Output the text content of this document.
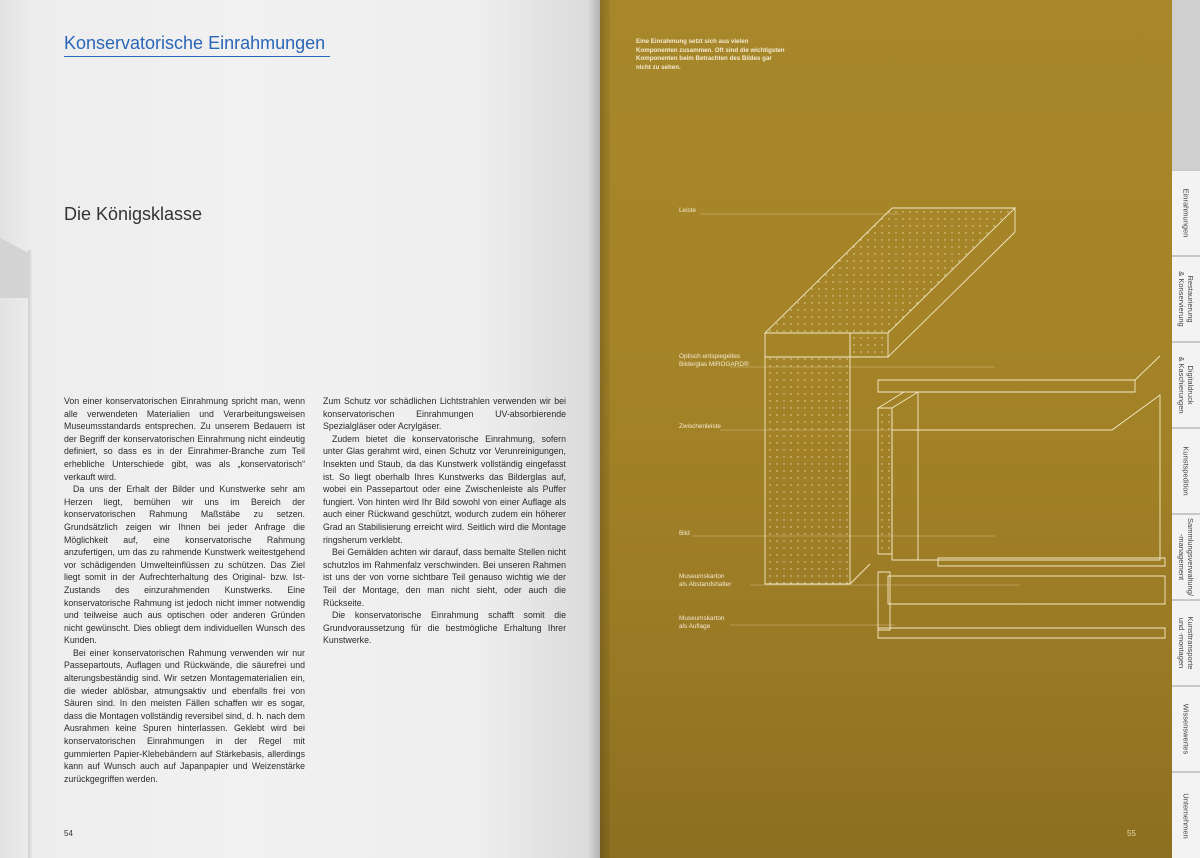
Konservatorische Einrahmungen
Die Königsklasse

Von einer konservatorischen Einrahmung spricht man, wenn alle verwendeten Materialien und Verarbeitungsweisen Museumsstandards entsprechen. Zu unserem Bedauern ist der Begriff der konservatorischen Einrahmung nicht eindeutig definiert, so dass es in der Einrahmer-Branche zum Teil erhebliche Unterschiede gibt, was als „konservatorisch“ verkauft wird.

Da uns der Erhalt der Bilder und Kunstwerke sehr am Herzen liegt, bemühen wir uns im Bereich der konservatorischen Rahmung Maßstäbe zu setzen. Grundsätzlich zeigen wir Ihnen bei jeder Anfrage die Möglichkeit auf, eine konservatorische Rahmung anzufertigen, um das zu rahmende Kunstwerk weitestgehend vor schädigenden Umwelteinflüssen zu schützen. Das Ziel liegt somit in der Aufrechterhaltung des Original- bzw. Ist-Zustands des einzurahmenden Kunstwerks. Eine konservatorische Rahmung ist jedoch nicht immer notwendig und teilweise auch aus optischen oder anderen Gründen nicht gewünscht. Dies obliegt dem individuellen Wunsch des Kunden.

Bei einer konservatorischen Rahmung verwenden wir nur Passepartouts, Auflagen und Rückwände, die säurefrei und alterungsbeständig sind. Wir setzen Montagematerialien ein, die wieder ablösbar, atmungsaktiv und ebenfalls frei von Säuren sind. In den meisten Fällen schaffen wir es sogar, dass die Montagen vollständig reversibel sind, d. h. nach dem Ausrahmen keine Spuren hinterlassen. Geklebt wird bei konservatorischen Einrahmungen in der Regel mit gummierten Papier-Klebebändern auf Stärkebasis, allerdings kann auf Wunsch auch auf Japanpapier und Weizenstärke zurückgegriffen werden.

Zum Schutz vor schädlichen Lichtstrahlen verwenden wir bei konservatorischen Einrahmungen UV-absorbierende Spezialgläser oder Acrylgäser.

Zudem bietet die konservatorische Einrahmung, sofern unter Glas gerahmt wird, einen Schutz vor Verunreinigungen, Insekten und Staub, da das Kunstwerk vollständig eingefasst ist. So liegt oberhalb Ihres Kunstwerks das Bilderglas auf, wobei ein Passepartout oder eine Zwischenleiste als Puffer fungiert. Von hinten wird Ihr Bild sowohl von einer Auflage als auch einer Rückwand geschützt, wodurch zudem ein höherer Grad an Stabilisierung erreicht wird. Seitlich wird die Montage ringsherum verklebt.

Bei Gemälden achten wir darauf, dass bemalte Stellen nicht schutzlos im Rahmenfalz verschwinden. Bei unseren Rahmen ist uns der von vorne sichtbare Teil genauso wichtig wie der Teil der Montage, den man nicht sieht, oder auch die Rückseite.

Die konservatorische Einrahmung schafft somit die Grundvoraussetzung für die bestmögliche Erhaltung Ihrer Kunstwerke.

54
Eine Einrahmung setzt sich aus vielen Komponenten zusammen. Oft sind die wichtigsten Komponenten beim Betrachten des Bildes gar nicht zu sehen.
Leiste
Optisch entspiegeltes
Bilderglas MIROGARD®
Zwischenleiste
Bild
Museumskarton
als Abstandshalter
Museumskarton
als Auflage
55
Einrahmungen
Restaurierung
& Konservierung
Digitaldruck
& Kaschierungen
Kunstspedition
Sammlungsverwaltung/
-management
Kunsttransporte
und -montagen
Wissenswertes
Unternehmen
